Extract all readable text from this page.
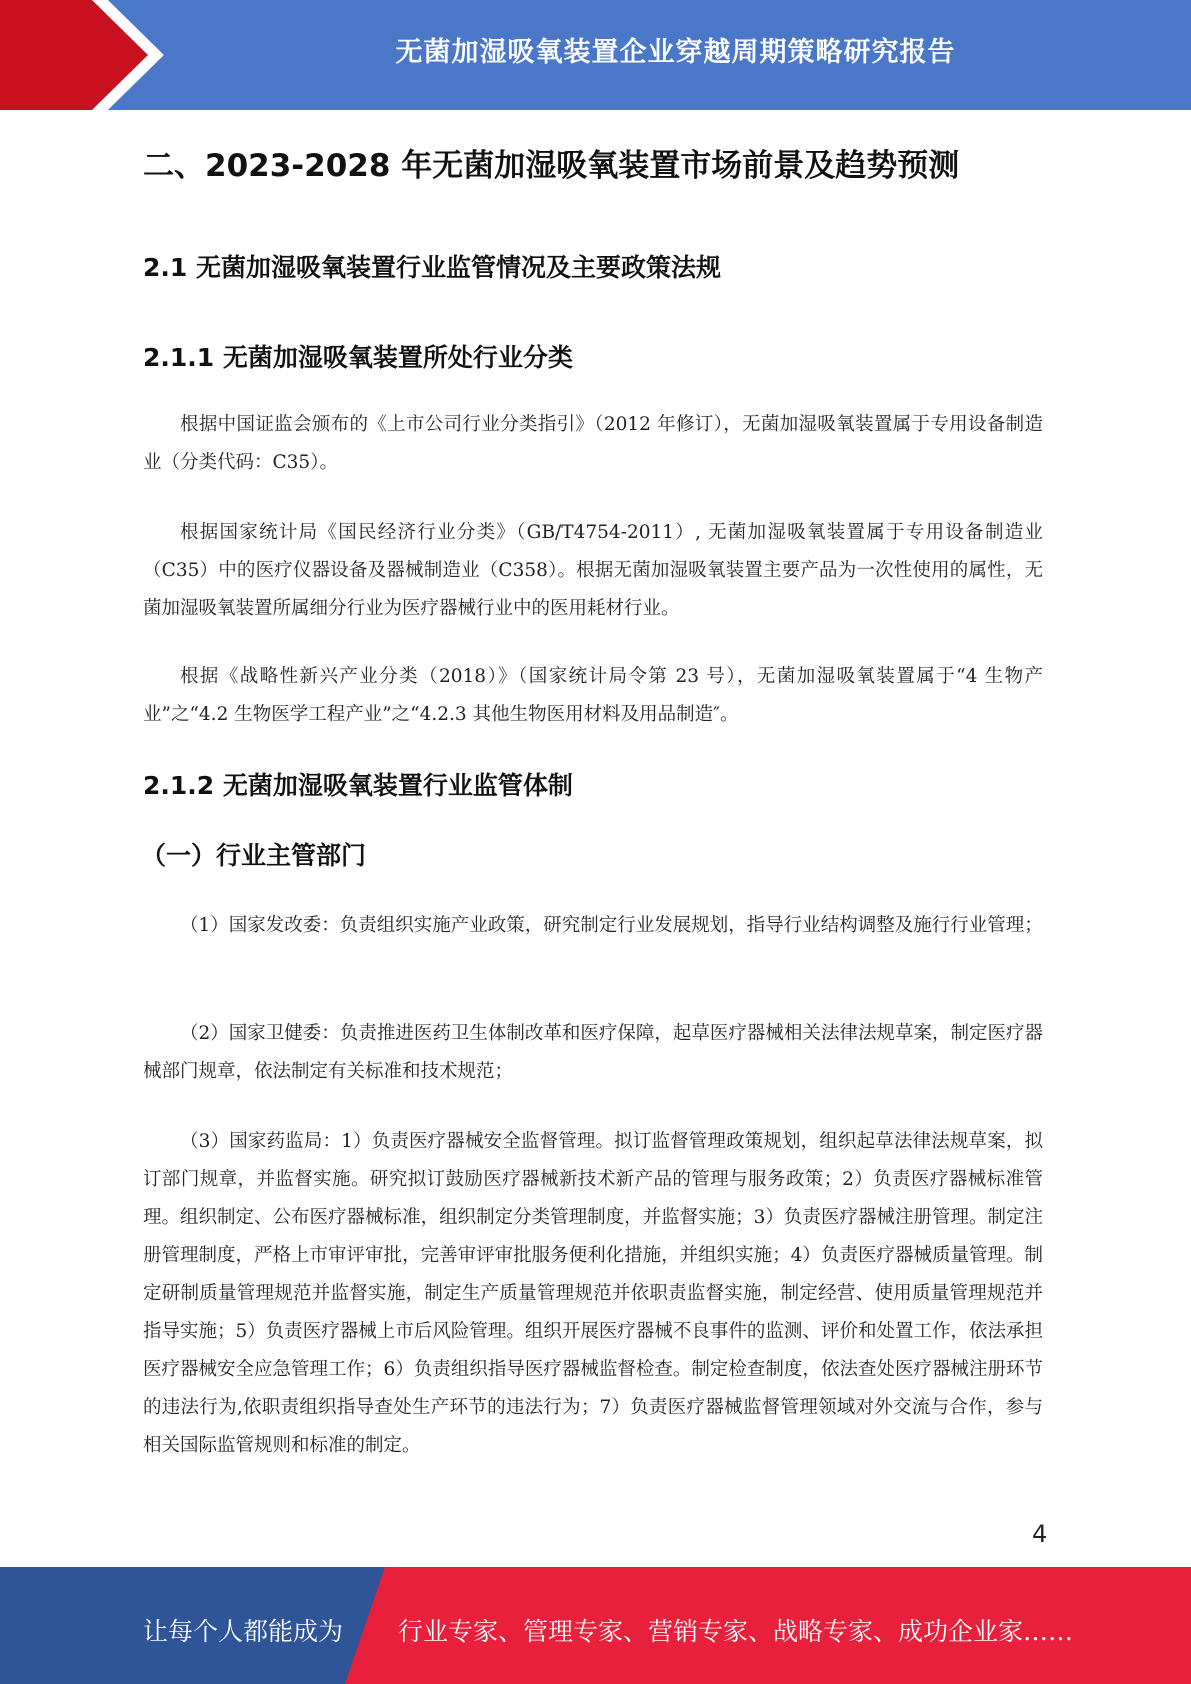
无菌加湿吸氧装置企业穿越周期策略研究报告
二、2023-2028 年无菌加湿吸氧装置市场前景及趋势预测
2.1 无菌加湿吸氧装置行业监管情况及主要政策法规
2.1.1 无菌加湿吸氧装置所处行业分类

根据中国证监会颁布的《上市公司行业分类指引》（2012 年修订），无菌加湿吸氧装置属于专用设备制造业（分类代码：C35）。

根据国家统计局《国民经济行业分类》（GB/T4754-2011）, 无菌加湿吸氧装置属于专用设备制造业（C35）中的医疗仪器设备及器械制造业（C358）。根据无菌加湿吸氧装置主要产品为一次性使用的属性，无菌加湿吸氧装置所属细分行业为医疗器械行业中的医用耗材行业。

根据《战略性新兴产业分类（2018）》（国家统计局令第 23 号），无菌加湿吸氧装置属于“4 生物产业”之“4.2 生物医学工程产业”之“4.2.3 其他生物医用材料及用品制造″。

2.1.2 无菌加湿吸氧装置行业监管体制
（一）行业主管部门

（1）国家发改委：负责组织实施产业政策，研究制定行业发展规划，指导行业结构调整及施行行业管理；

（2）国家卫健委：负责推进医药卫生体制改革和医疗保障，起草医疗器械相关法律法规草案，制定医疗器械部门规章，依法制定有关标准和技术规范；

（3）国家药监局：1）负责医疗器械安全监督管理。拟订监督管理政策规划，组织起草法律法规草案，拟订部门规章，并监督实施。研究拟订鼓励医疗器械新技术新产品的管理与服务政策；2）负责医疗器械标准管理。组织制定、公布医疗器械标准，组织制定分类管理制度，并监督实施；3）负责医疗器械注册管理。制定注册管理制度，严格上市审评审批，完善审评审批服务便利化措施，并组织实施；4）负责医疗器械质量管理。制定研制质量管理规范并监督实施，制定生产质量管理规范并依职责监督实施，制定经营、使用质量管理规范并指导实施；5）负责医疗器械上市后风险管理。组织开展医疗器械不良事件的监测、评价和处置工作，依法承担医疗器械安全应急管理工作；6）负责组织指导医疗器械监督检查。制定检查制度，依法查处医疗器械注册环节的违法行为,依职责组织指导查处生产环节的违法行为；7）负责医疗器械监督管理领域对外交流与合作，参与相关国际监管规则和标准的制定。

4
让每个人都能成为 行业专家、管理专家、营销专家、战略专家、成功企业家……
